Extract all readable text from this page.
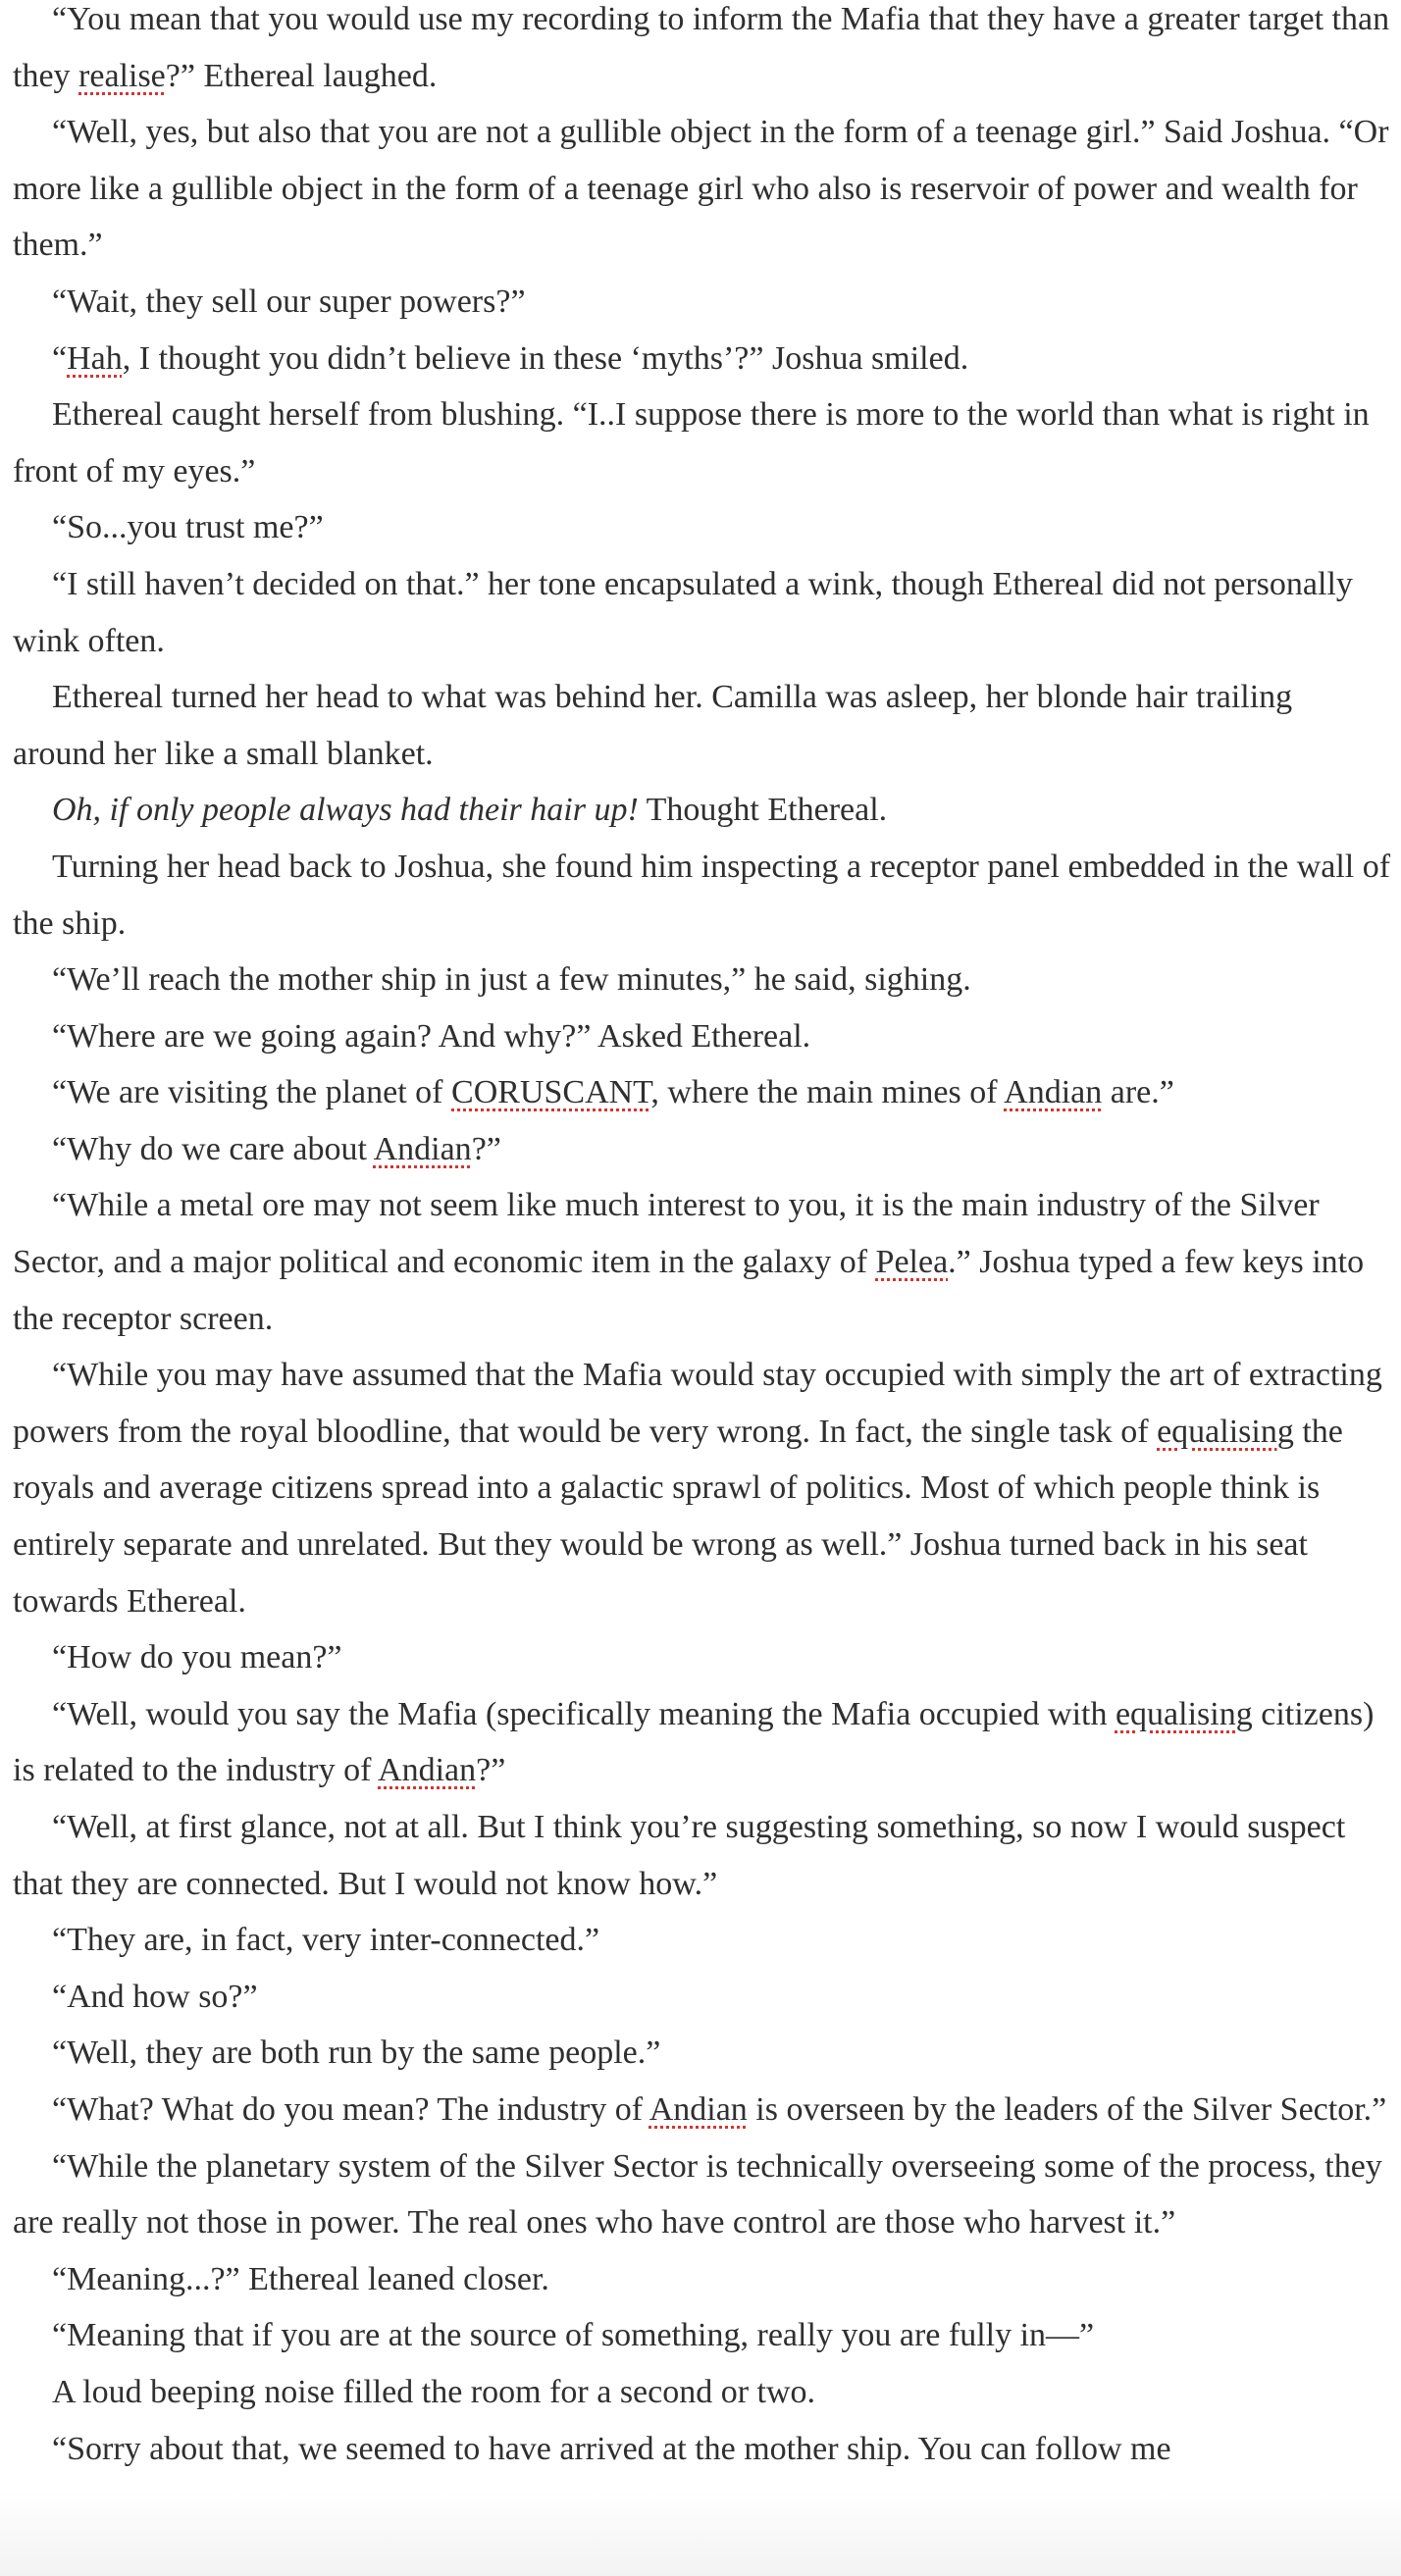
“You mean that you would use my recording to inform the Mafia that they have a greater target than they realise?” Ethereal laughed.

“Well, yes, but also that you are not a gullible object in the form of a teenage girl.” Said Joshua. “Or more like a gullible object in the form of a teenage girl who also is reservoir of power and wealth for them.”

“Wait, they sell our super powers?”

“Hah, I thought you didn’t believe in these ‘myths’?” Joshua smiled.

Ethereal caught herself from blushing. “I..I suppose there is more to the world than what is right in front of my eyes.”

“So...you trust me?”

“I still haven’t decided on that.” her tone encapsulated a wink, though Ethereal did not personally wink often.

Ethereal turned her head to what was behind her. Camilla was asleep, her blonde hair trailing around her like a small blanket.

Oh, if only people always had their hair up! Thought Ethereal.

Turning her head back to Joshua, she found him inspecting a receptor panel embedded in the wall of the ship.

“We’ll reach the mother ship in just a few minutes,” he said, sighing.

“Where are we going again? And why?” Asked Ethereal.

“We are visiting the planet of CORUSCANT, where the main mines of Andian are.”

“Why do we care about Andian?”

“While a metal ore may not seem like much interest to you, it is the main industry of the Silver Sector, and a major political and economic item in the galaxy of Pelea.” Joshua typed a few keys into the receptor screen.

“While you may have assumed that the Mafia would stay occupied with simply the art of extracting powers from the royal bloodline, that would be very wrong. In fact, the single task of equalising the royals and average citizens spread into a galactic sprawl of politics. Most of which people think is entirely separate and unrelated. But they would be wrong as well.” Joshua turned back in his seat towards Ethereal.

“How do you mean?”

“Well, would you say the Mafia (specifically meaning the Mafia occupied with equalising citizens) is related to the industry of Andian?”

“Well, at first glance, not at all. But I think you’re suggesting something, so now I would suspect that they are connected. But I would not know how.”

“They are, in fact, very inter-connected.”

“And how so?”

“Well, they are both run by the same people.”

“What? What do you mean? The industry of Andian is overseen by the leaders of the Silver Sector.”

“While the planetary system of the Silver Sector is technically overseeing some of the process, they are really not those in power. The real ones who have control are those who harvest it.”

“Meaning...?” Ethereal leaned closer.

“Meaning that if you are at the source of something, really you are fully in—”

A loud beeping noise filled the room for a second or two.

“Sorry about that, we seemed to have arrived at the mother ship. You can follow me
